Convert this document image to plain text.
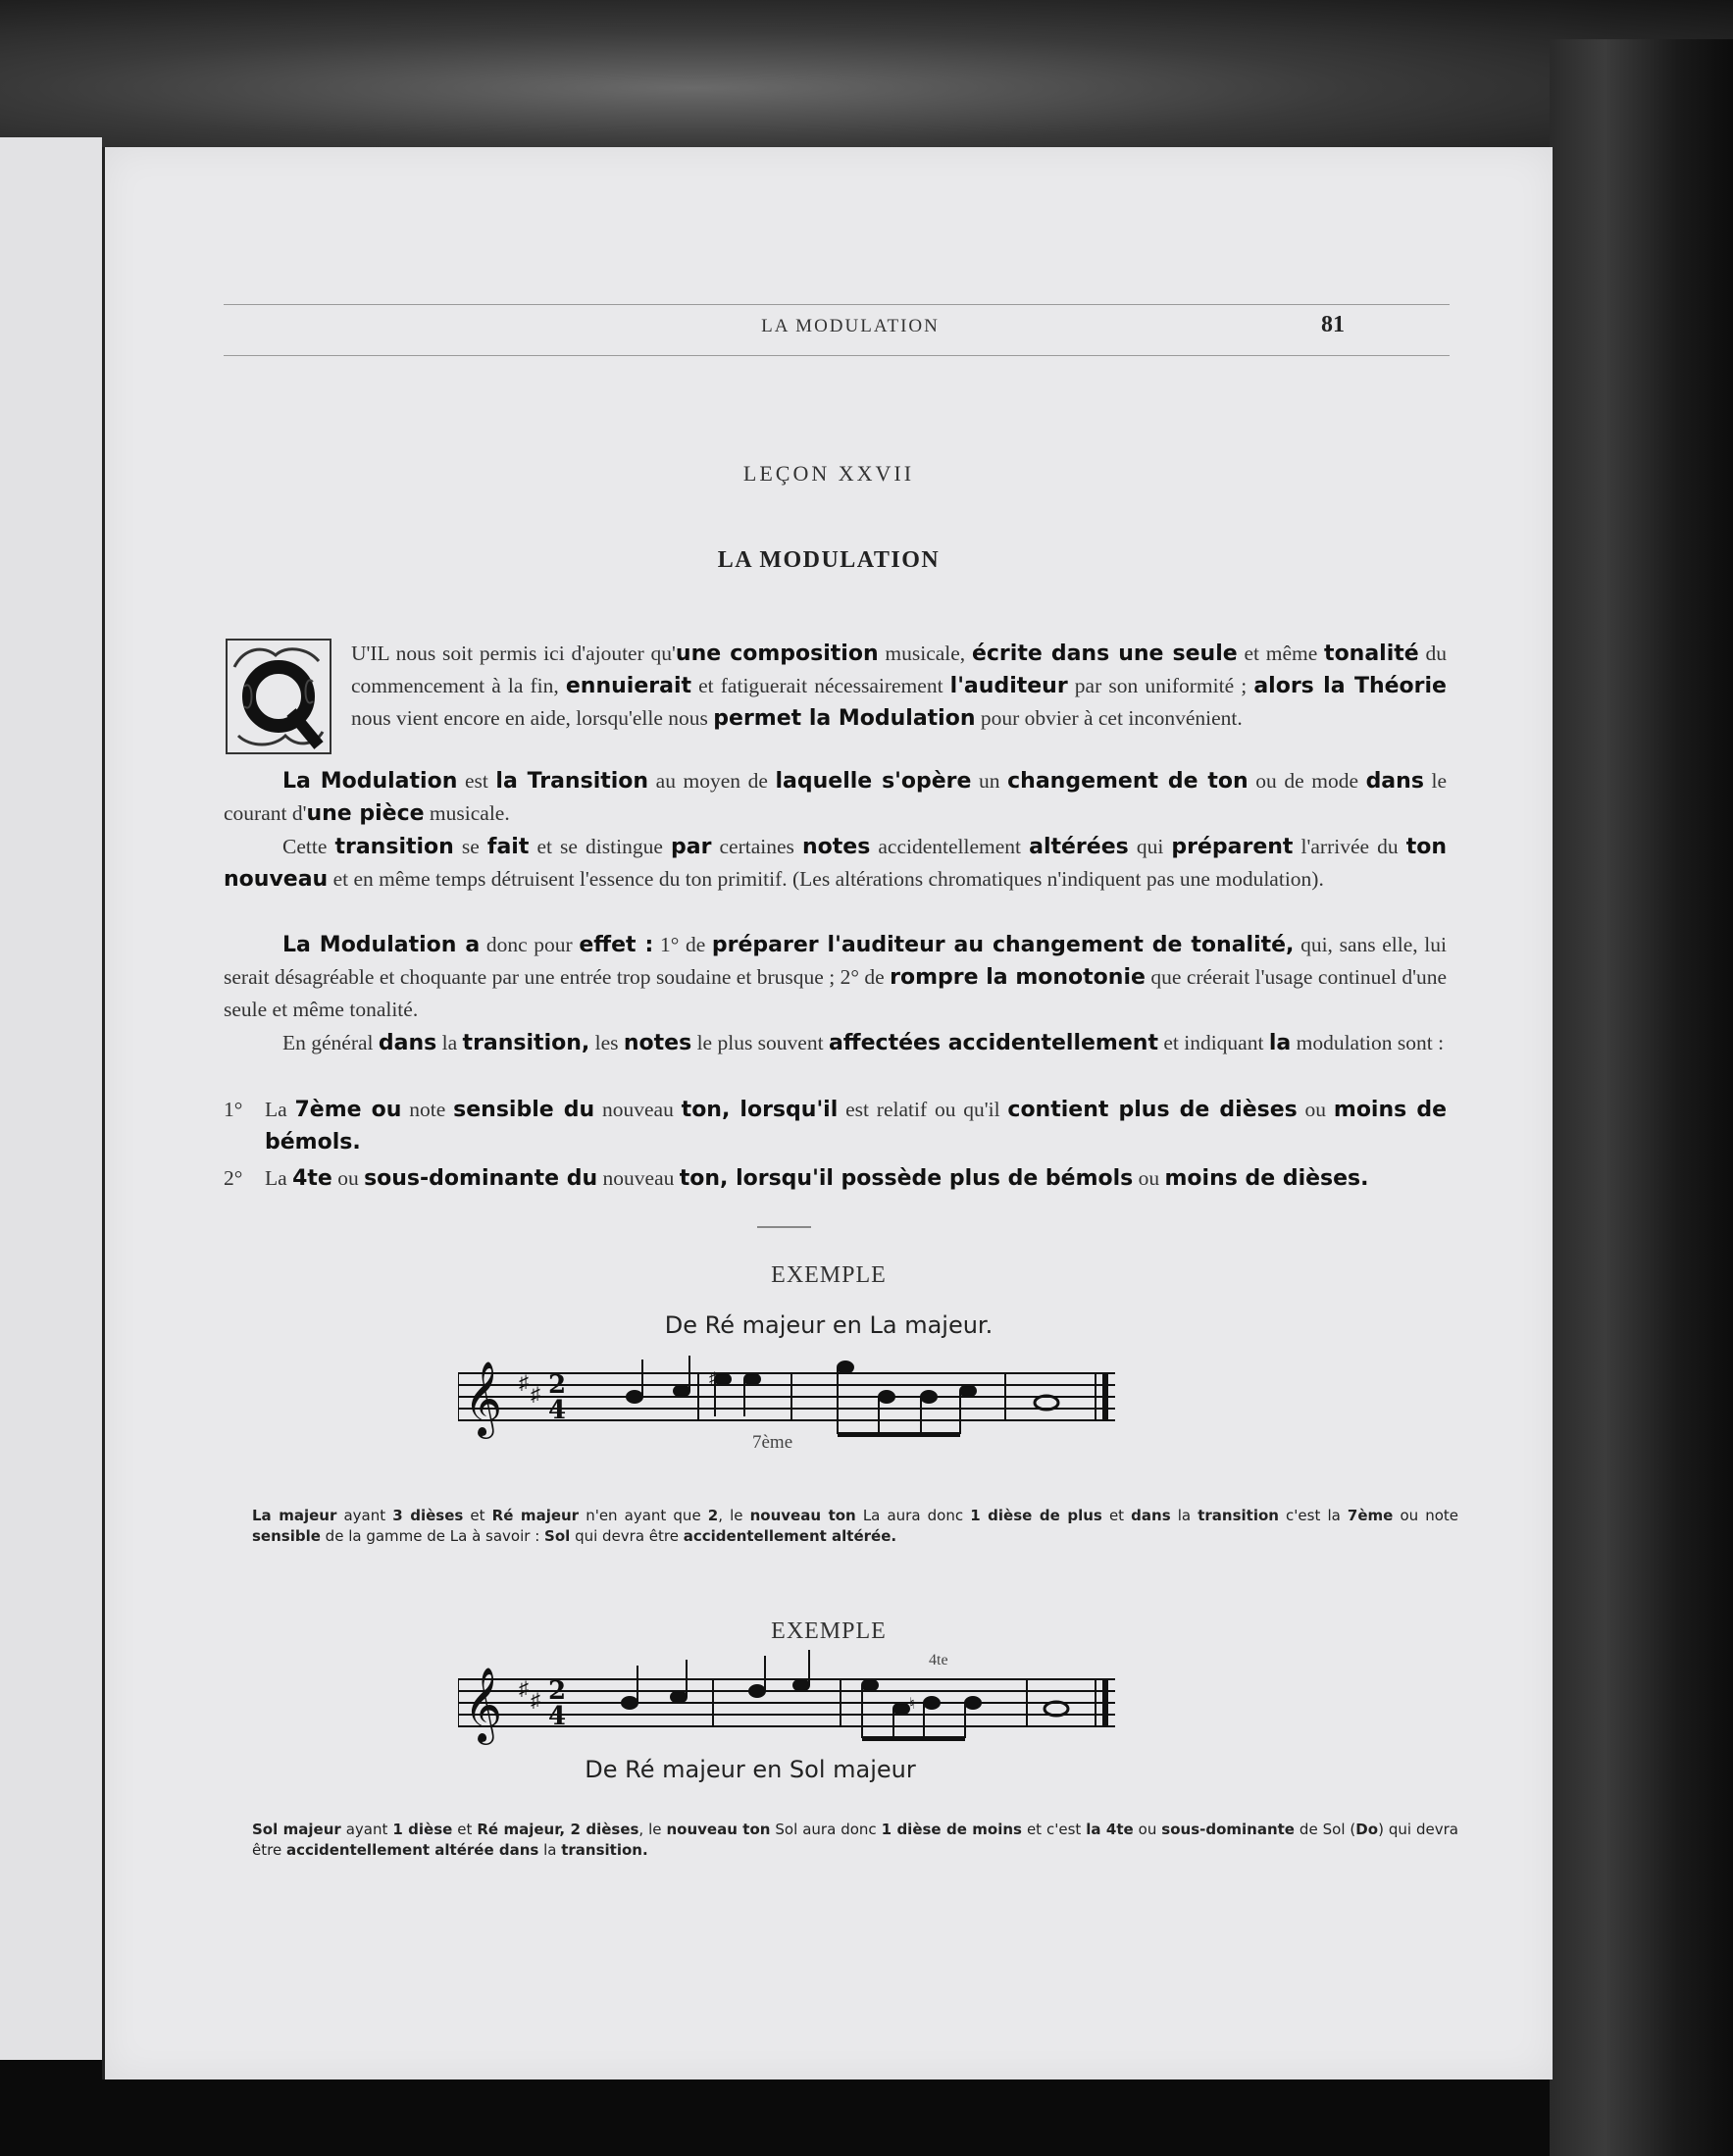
LA MODULATION	81
LEÇON XXVII
LA MODULATION
U'IL nous soit permis ici d'ajouter qu'une composition musicale, écrite dans une seule et même tonalité du commencement à la fin, ennuierait et fatiguerait nécessairement l'auditeur par son uniformité ; alors la Théorie nous vient encore en aide, lorsqu'elle nous permet la Modulation pour obvier à cet inconvénient.
La Modulation est la Transition au moyen de laquelle s'opère un changement de ton ou de mode dans le courant d'une pièce musicale.
Cette transition se fait et se distingue par certaines notes accidentellement altérées qui préparent l'arrivée du ton nouveau et en même temps détruisent l'essence du ton primitif. (Les altérations chromatiques n'indiquent pas une modulation).
La Modulation a donc pour effet : 1° de préparer l'auditeur au changement de tonalité, qui, sans elle, lui serait désagréable et choquante par une entrée trop soudaine et brusque ; 2° de rompre la monotonie que créerait l'usage continuel d'une seule et même tonalité.
En général dans la transition, les notes le plus souvent affectées accidentellement et indiquant la modulation sont :
1° La 7ème ou note sensible du nouveau ton, lorsqu'il est relatif ou qu'il contient plus de dièses ou moins de bémols.
2° La 4te ou sous-dominante du nouveau ton, lorsqu'il possède plus de bémols ou moins de dièses.
EXEMPLE
De Ré majeur en La majeur.
𝄞 ♯
♯ 2
4
♯
7ème
La majeur ayant 3 dièses et Ré majeur n'en ayant que 2, le nouveau ton La aura donc 1 dièse de plus et dans la transition c'est la 7ème ou note sensible de la gamme de La à savoir : Sol qui devra être accidentellement altérée.
EXEMPLE
𝄞 ♯
♯ 2
4	♮
4te
De Ré majeur en Sol majeur
Sol majeur ayant 1 dièse et Ré majeur, 2 dièses, le nouveau ton Sol aura donc 1 dièse de moins et c'est la 4te ou sous-dominante de Sol (Do) qui devra être accidentellement altérée dans la transition.
